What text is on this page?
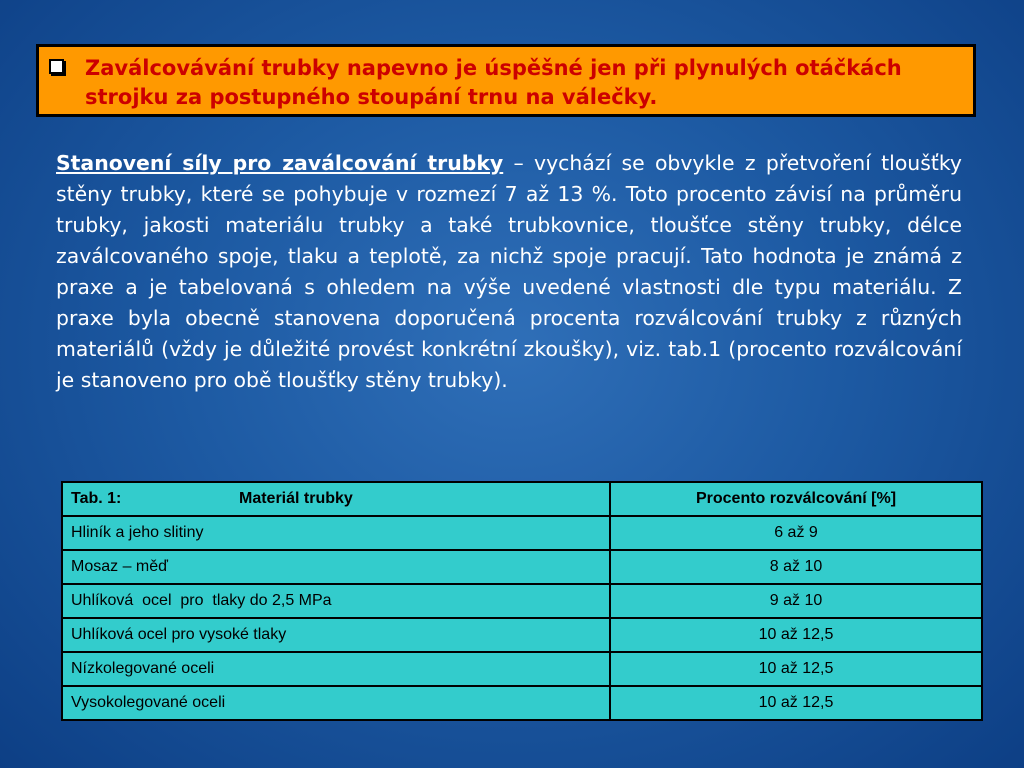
Zaválcovávání trubky napevno je úspěšné jen při plynulých otáčkách strojku za postupného stoupání trnu na válečky.
Stanovení síly pro zaválcování trubky – vychází se obvykle z přetvoření tloušťky stěny trubky, které se pohybuje v rozmezí 7 až 13 %. Toto procento závisí na průměru trubky, jakosti materiálu trubky a také trubkovnice, tloušťce stěny trubky, délce zaválcovaného spoje, tlaku a teplotě, za nichž spoje pracují. Tato hodnota je známá z praxe a je tabelovaná s ohledem na výše uvedené vlastnosti dle typu materiálu. Z praxe byla obecně stanovena doporučená procenta rozválcování trubky z různých materiálů (vždy je důležité provést konkrétní zkoušky), viz. tab.1 (procento rozválcování je stanoveno pro obě tloušťky stěny trubky).
Tab. 1: Materiál trubky	Procento rozválcování [%]
Hliník a jeho slitiny	6 až 9
Mosaz – měď	8 až 10
Uhlíková  ocel  pro  tlaky do 2,5 MPa	9 až 10
Uhlíková ocel pro vysoké tlaky	10 až 12,5
Nízkolegované oceli	10 až 12,5
Vysokolegované oceli	10 až 12,5
